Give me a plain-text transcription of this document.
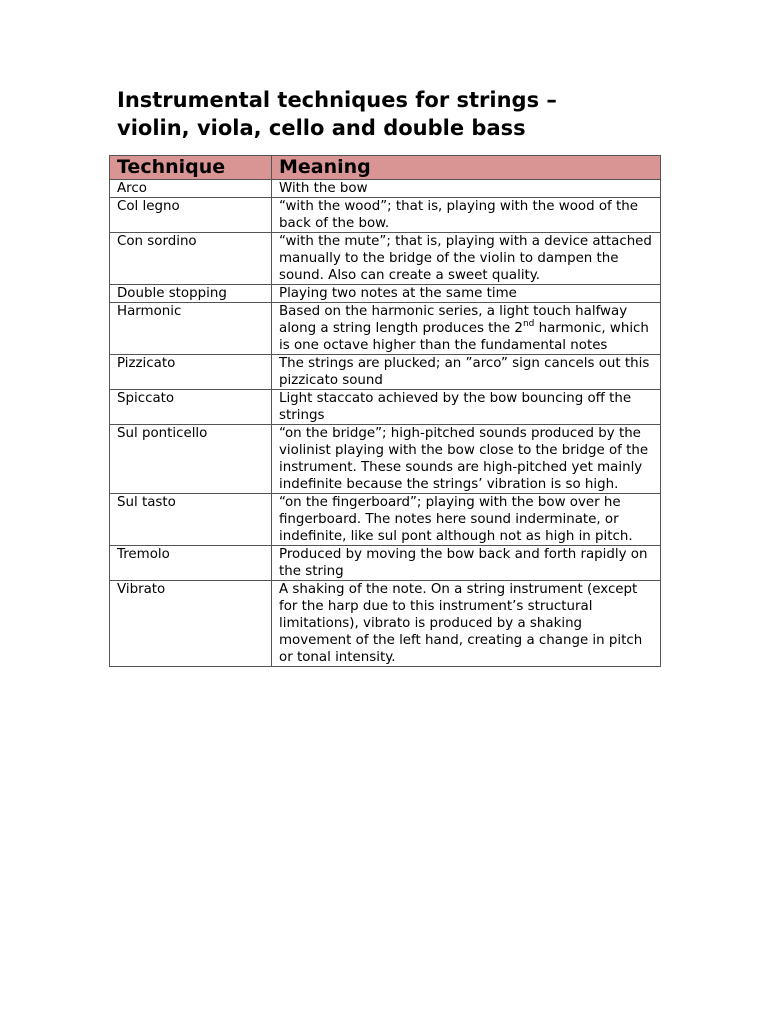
Instrumental techniques for strings –
violin, viola, cello and double bass
Technique	Meaning
Arco	With the bow
Col legno	“with the wood”; that is, playing with the wood of the back of the bow.
Con sordino	“with the mute”; that is, playing with a device attached manually to the bridge of the violin to dampen the sound. Also can create a sweet quality.
Double stopping	Playing two notes at the same time
Harmonic	Based on the harmonic series, a light touch halfway along a string length produces the 2nd harmonic, which is one octave higher than the fundamental notes
Pizzicato	The strings are plucked; an ”arco” sign cancels out this pizzicato sound
Spiccato	Light staccato achieved by the bow bouncing off the strings
Sul ponticello	“on the bridge”; high-pitched sounds produced by the violinist playing with the bow close to the bridge of the instrument. These sounds are high-pitched yet mainly indefinite because the strings’ vibration is so high.
Sul tasto	“on the fingerboard”; playing with the bow over he fingerboard. The notes here sound inderminate, or indefinite, like sul pont although not as high in pitch.
Tremolo	Produced by moving the bow back and forth rapidly on the string
Vibrato	A shaking of the note. On a string instrument (except for the harp due to this instrument’s structural limitations), vibrato is produced by a shaking movement of the left hand, creating a change in pitch or tonal intensity.
